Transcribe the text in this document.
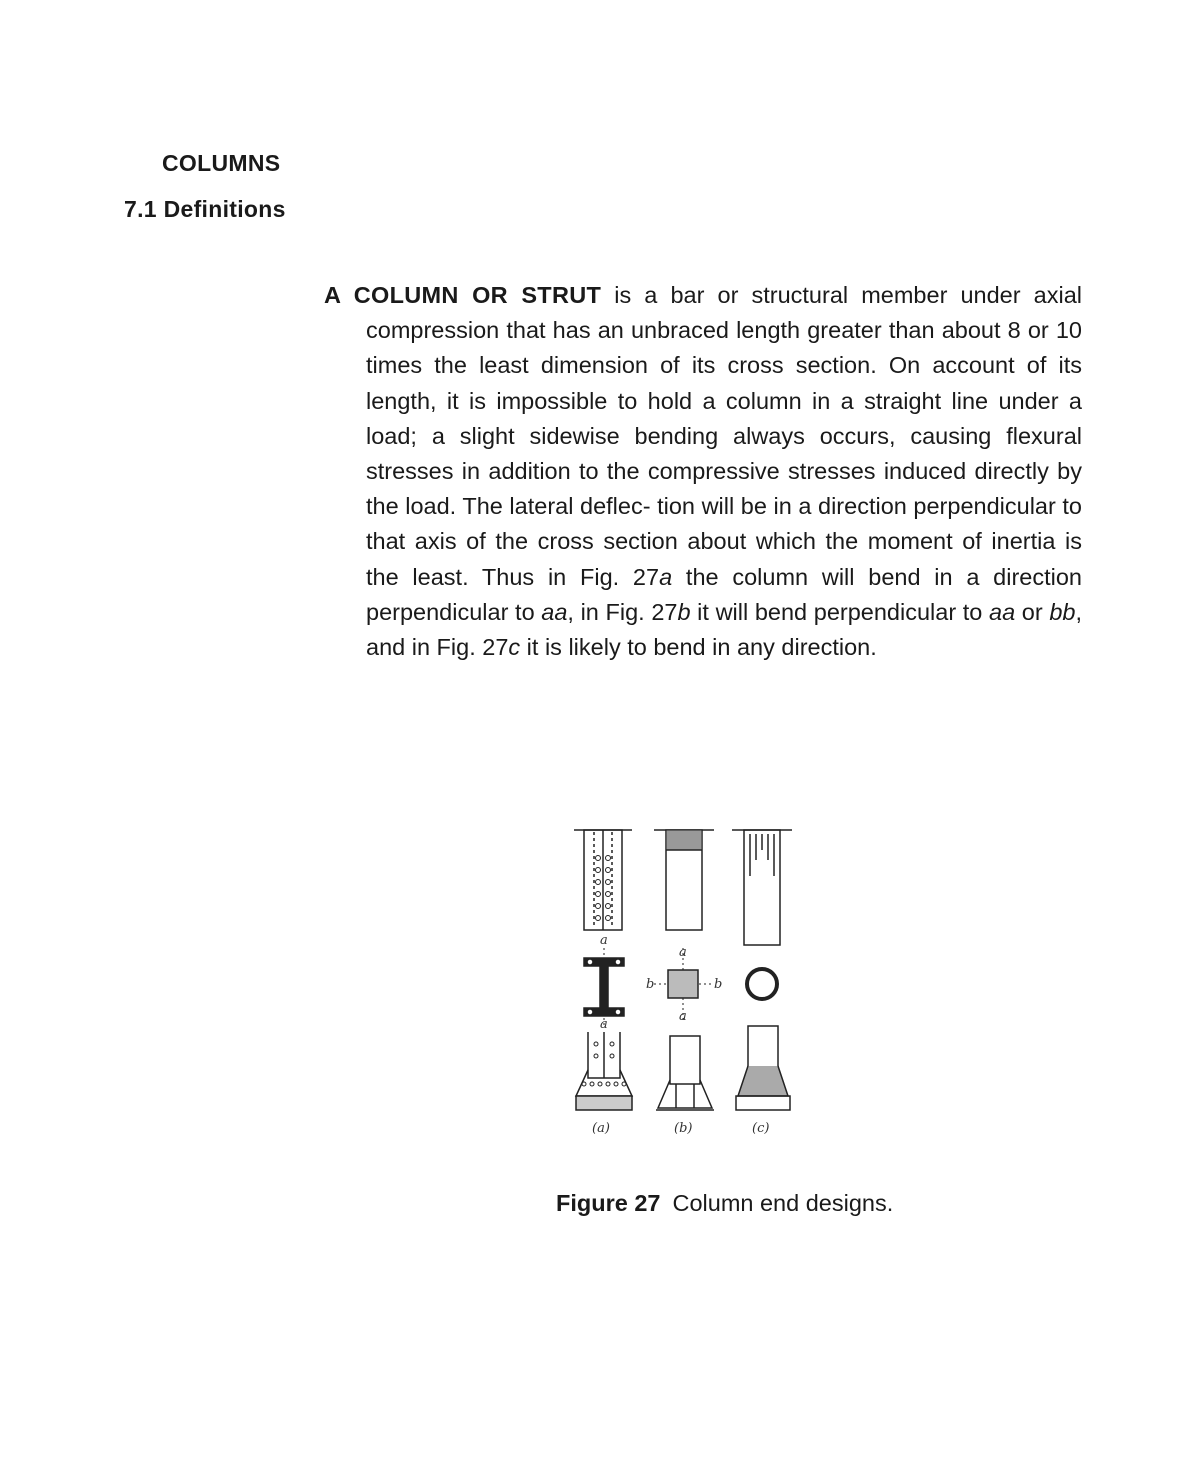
COLUMNS
7.1 Definitions

A COLUMN OR STRUT is a bar or structural member under axial compression that has an unbraced length greater than about 8 or 10 times the least dimension of its cross section. On account of its length, it is impossible to hold a column in a straight line under a load; a slight sidewise bending always occurs, causing flexural stresses in addition to the compressive stresses induced directly by the load. The lateral deflec- tion will be in a direction perpendicular to that axis of the cross section about which the moment of inertia is the least. Thus in Fig. 27a the column will bend in a direction perpendicular to aa, in Fig. 27b it will bend perpendicular to aa or bb, and in Fig. 27c it is likely to bend in any direction.

a
a
a
a
b	b
(a)	(b)	(c)
Figure 27 Column end designs.
